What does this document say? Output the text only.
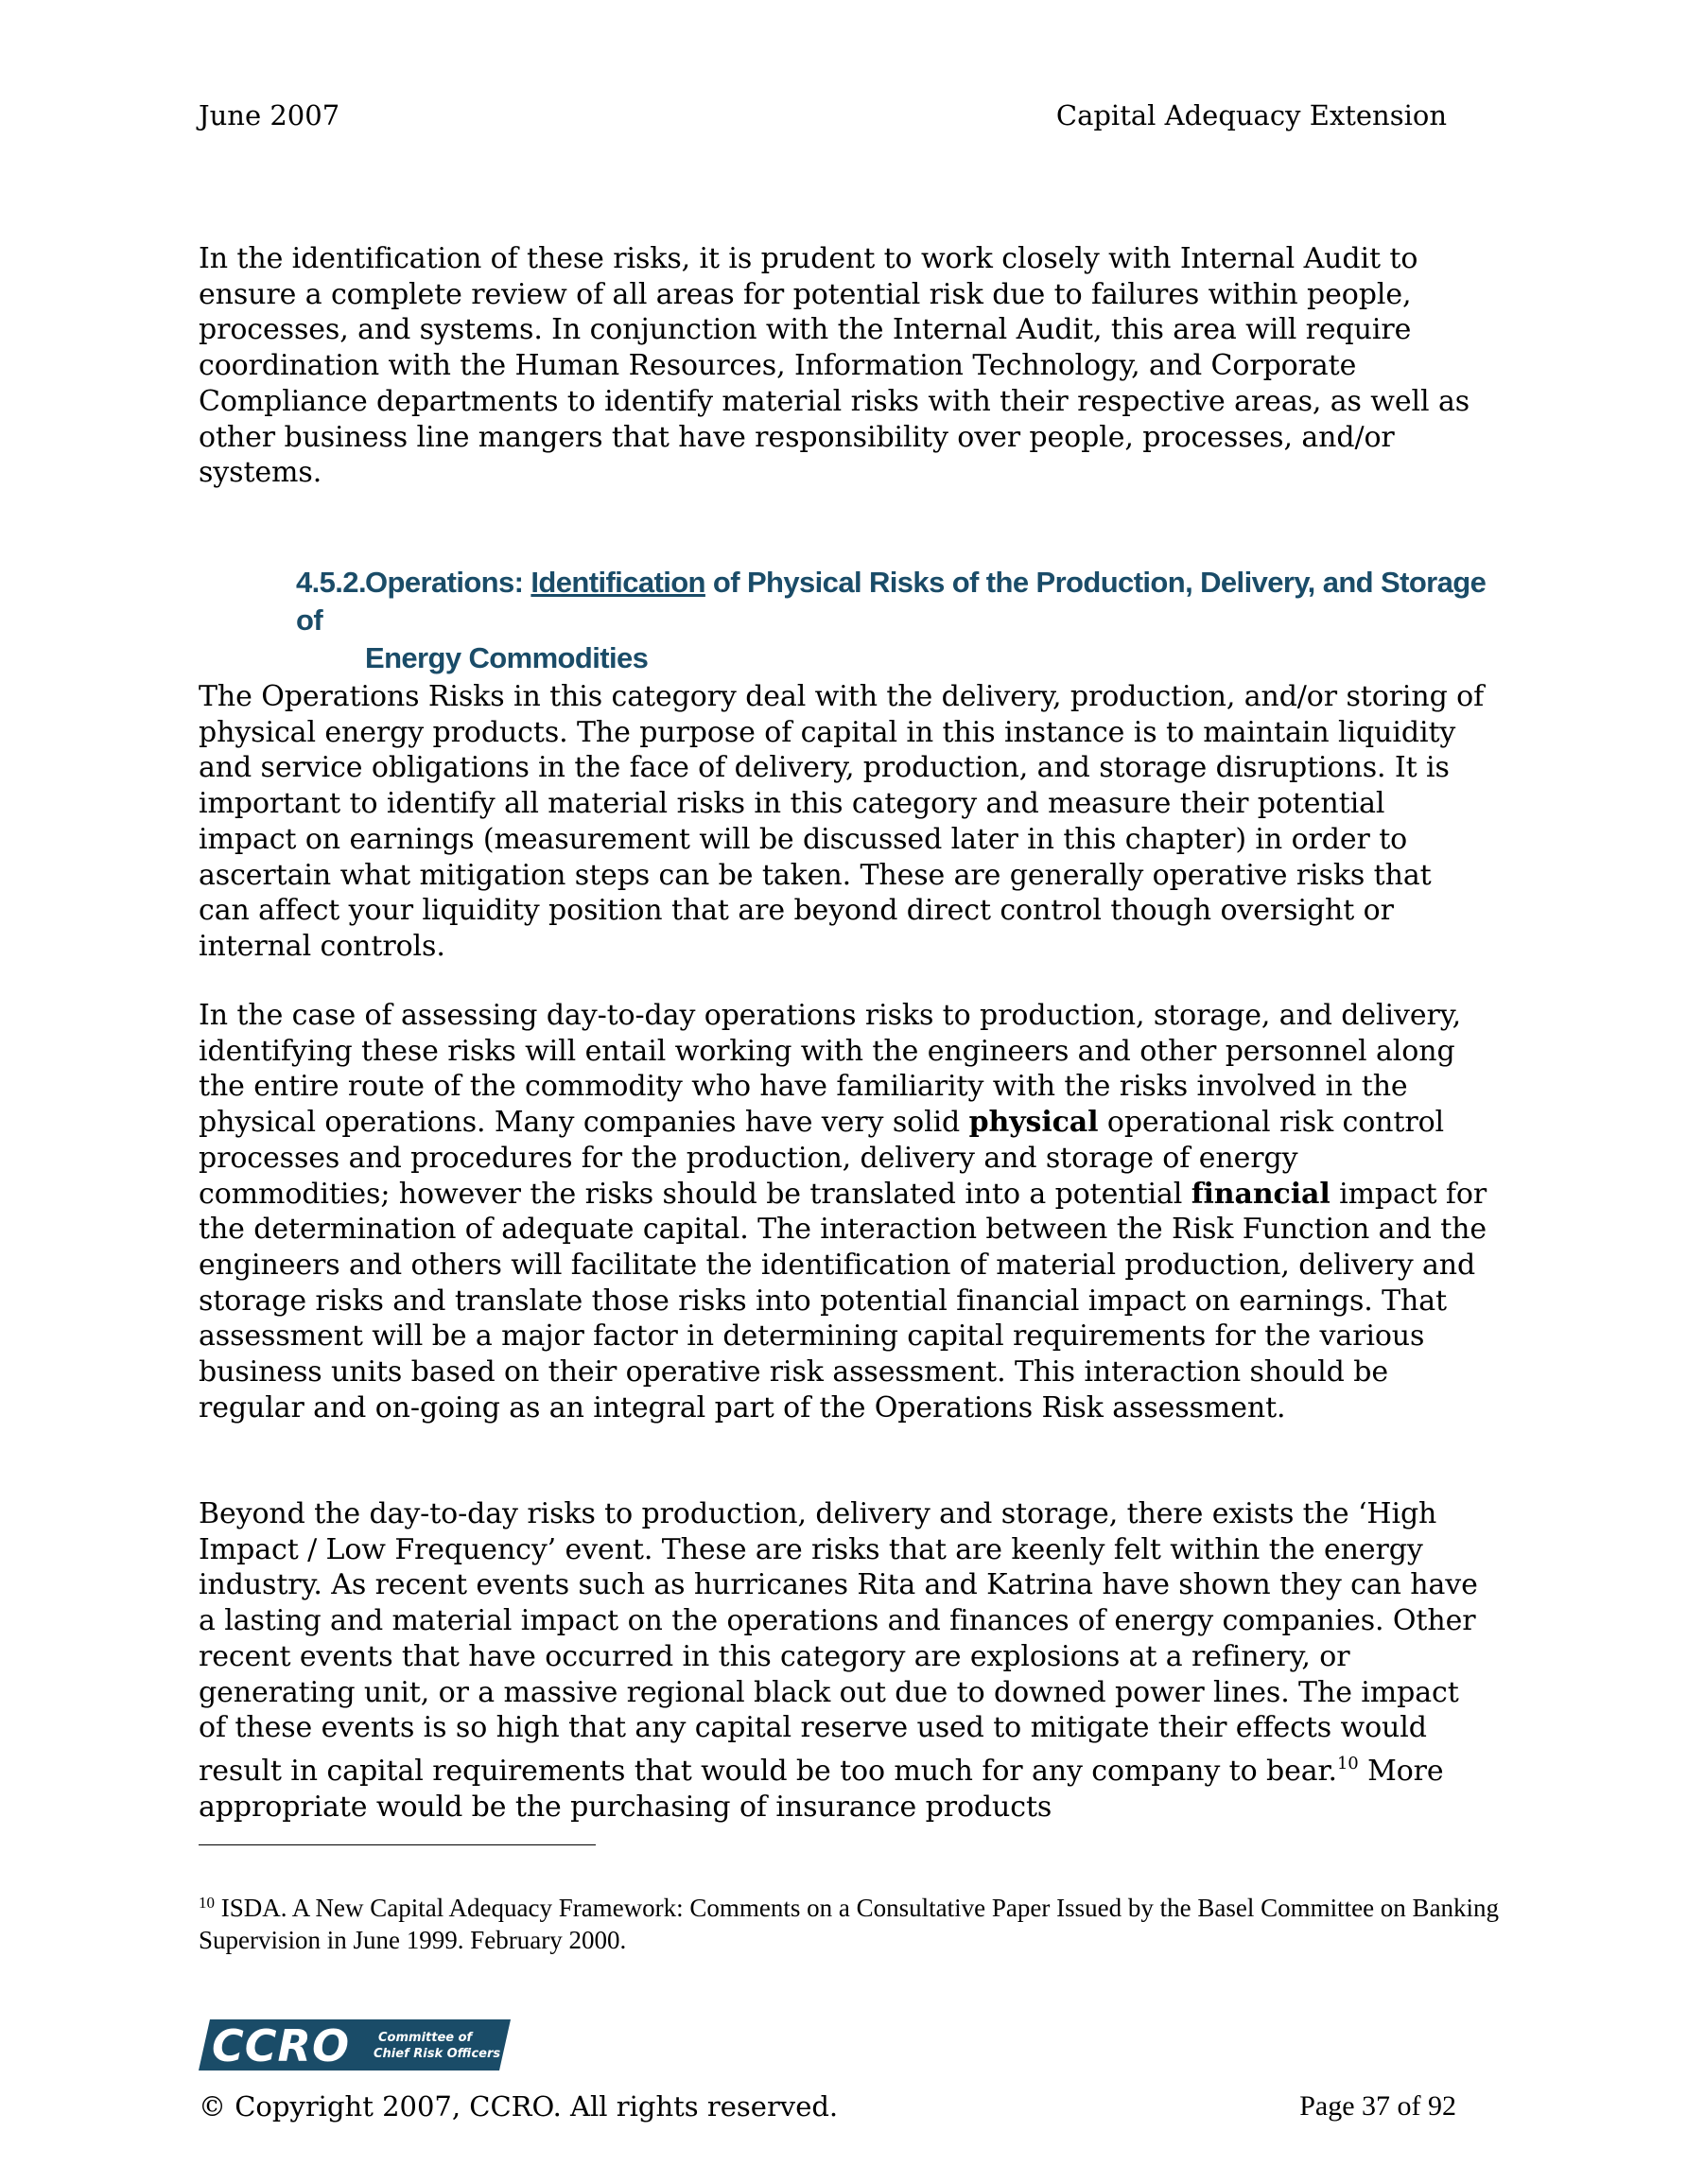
June 2007	Capital Adequacy Extension

In the identification of these risks, it is prudent to work closely with Internal Audit to ensure a complete review of all areas for potential risk due to failures within people, processes, and systems. In conjunction with the Internal Audit, this area will require coordination with the Human Resources, Information Technology, and Corporate Compliance departments to identify material risks with their respective areas, as well as other business line mangers that have responsibility over people, processes, and/or systems.

4.5.2.Operations: Identification of Physical Risks of the Production, Delivery, and Storage of
Energy Commodities

The Operations Risks in this category deal with the delivery, production, and/or storing of physical energy products. The purpose of capital in this instance is to maintain liquidity and service obligations in the face of delivery, production, and storage disruptions. It is important to identify all material risks in this category and measure their potential impact on earnings (measurement will be discussed later in this chapter) in order to ascertain what mitigation steps can be taken. These are generally operative risks that can affect your liquidity position that are beyond direct control though oversight or internal controls.

In the case of assessing day-to-day operations risks to production, storage, and delivery, identifying these risks will entail working with the engineers and other personnel along the entire route of the commodity who have familiarity with the risks involved in the physical operations. Many companies have very solid physical operational risk control processes and procedures for the production, delivery and storage of energy commodities; however the risks should be translated into a potential financial impact for the determination of adequate capital. The interaction between the Risk Function and the engineers and others will facilitate the identification of material production, delivery and storage risks and translate those risks into potential financial impact on earnings. That assessment will be a major factor in determining capital requirements for the various business units based on their operative risk assessment. This interaction should be regular and on-going as an integral part of the Operations Risk assessment.

Beyond the day-to-day risks to production, delivery and storage, there exists the ‘High Impact / Low Frequency’ event. These are risks that are keenly felt within the energy industry. As recent events such as hurricanes Rita and Katrina have shown they can have a lasting and material impact on the operations and finances of energy companies. Other recent events that have occurred in this category are explosions at a refinery, or generating unit, or a massive regional black out due to downed power lines. The impact of these events is so high that any capital reserve used to mitigate their effects would result in capital requirements that would be too much for any company to bear.$^{10}$ More appropriate would be the purchasing of insurance products

$^{10}$ ISDA. A New Capital Adequacy Framework: Comments on a Consultative Paper Issued by the Basel Committee on Banking Supervision in June 1999. February 2000.
CCRO Committee of
Chief Risk Officers
© Copyright 2007, CCRO. All rights reserved.	Page 37 of 92
